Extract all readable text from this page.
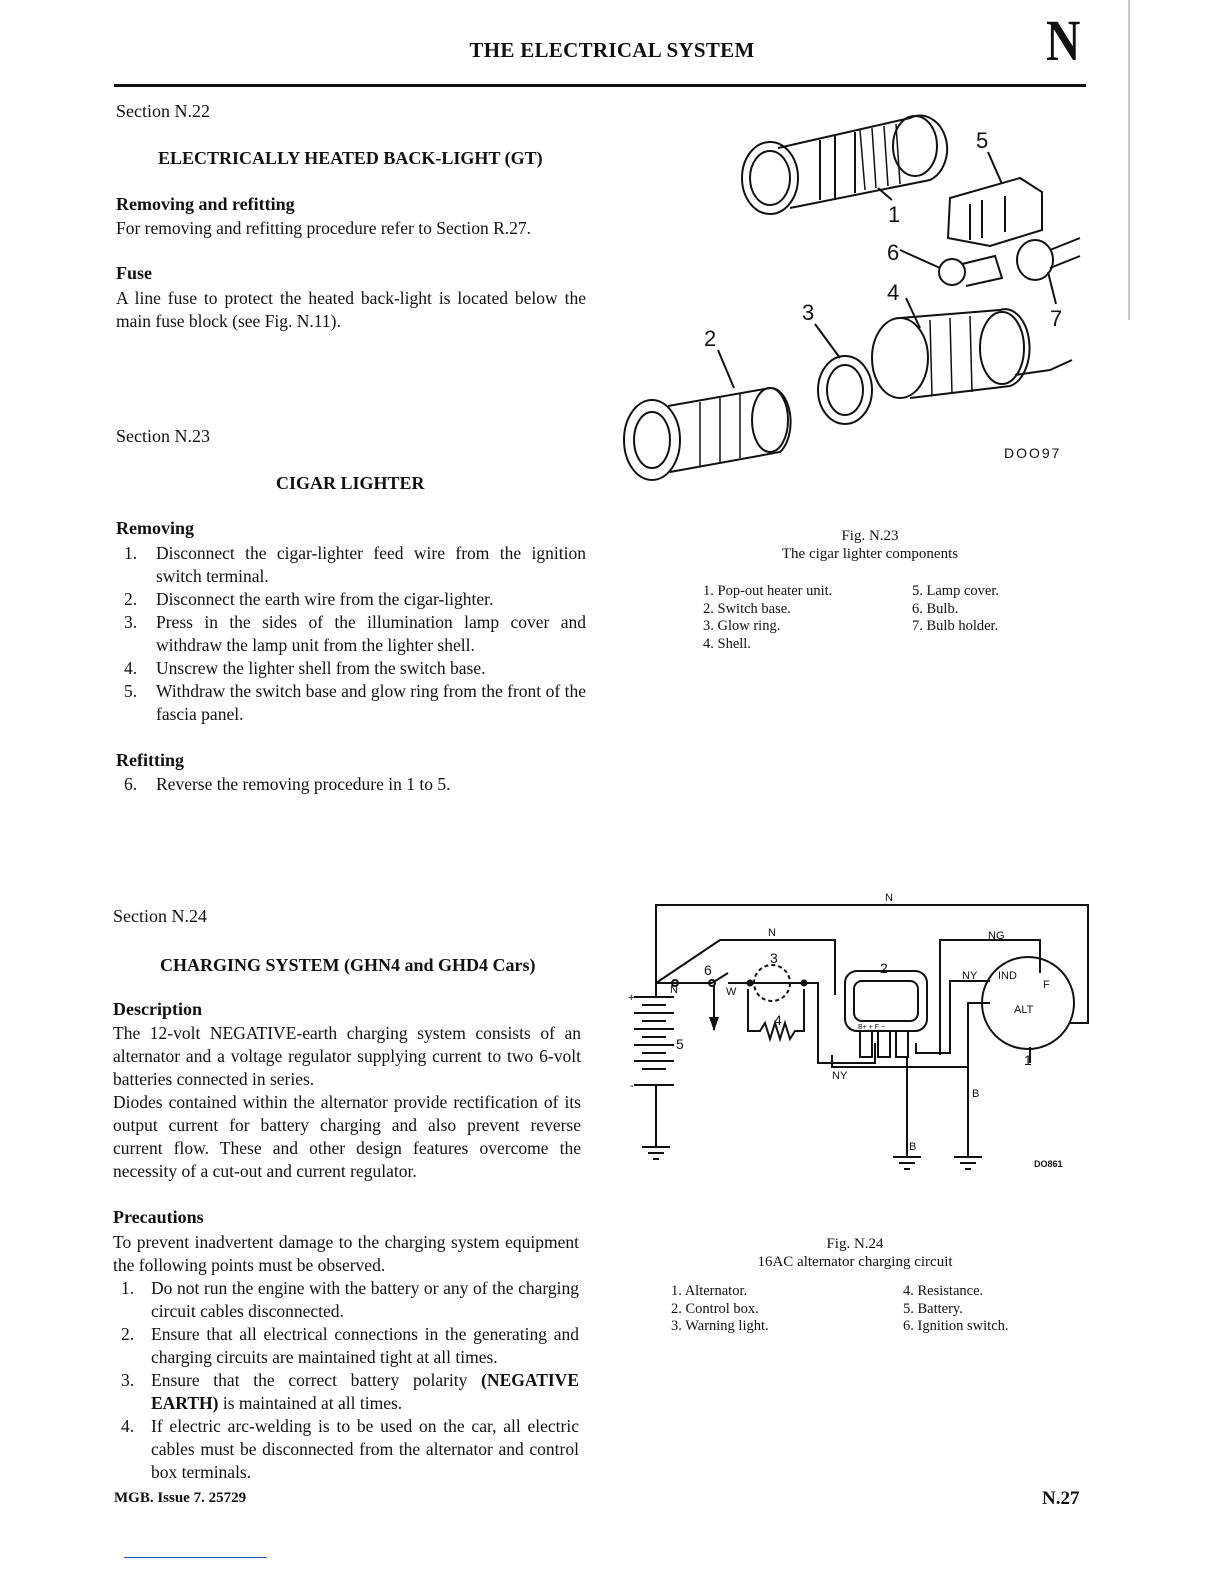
THE ELECTRICAL SYSTEM	N
Section N.22
ELECTRICALLY HEATED BACK-LIGHT (GT)
Removing and refitting
For removing and refitting procedure refer to Section R.27.
Fuse
A line fuse to protect the heated back-light is located below the main fuse block (see Fig. N.11).
Section N.23
CIGAR LIGHTER
Removing
1.	Disconnect the cigar-lighter feed wire from the ignition switch terminal.
2.	Disconnect the earth wire from the cigar-lighter.
3.	Press in the sides of the illumination lamp cover and withdraw the lamp unit from the lighter shell.
4.	Unscrew the lighter shell from the switch base.
5.	Withdraw the switch base and glow ring from the front of the fascia panel.
Refitting
6.	Reverse the removing procedure in 1 to 5.
5
1
6
4
3
2
7
DOO97
Fig. N.23
The cigar lighter components
1. Pop-out heater unit.
2. Switch base.
3. Glow ring.
4. Shell.
5. Lamp cover.
6. Bulb.
7. Bulb holder.
Section N.24
CHARGING SYSTEM (GHN4 and GHD4 Cars)
Description

The 12-volt NEGATIVE-earth charging system consists of an alternator and a voltage regulator supplying current to two 6-volt batteries connected in series.

Diodes contained within the alternator provide rectification of its output current for battery charging and also prevent reverse current flow. These and other design features overcome the necessity of a cut-out and current regulator.

Precautions
To prevent inadvertent damage to the charging system equipment the following points must be observed.
1. Do not run the engine with the battery or any of the charging circuit cables disconnected.
2. Ensure that all electrical connections in the generating and charging circuits are maintained tight at all times.
3. Ensure that the correct battery polarity (NEGATIVE EARTH) is maintained at all times.
4. If electric arc-welding is to be used on the car, all electric cables must be disconnected from the alternator and control box terminals.
N
N
N
NG
NY
NY
W
B
B
1
2
3
4
5
6	IND
F
ALT
B+ + F −
+
-
DO861
Fig. N.24
16AC alternator charging circuit
1. Alternator.
2. Control box.
3. Warning light.
4. Resistance.
5. Battery.
6. Ignition switch.
MGB. Issue 7. 25729	N.27
